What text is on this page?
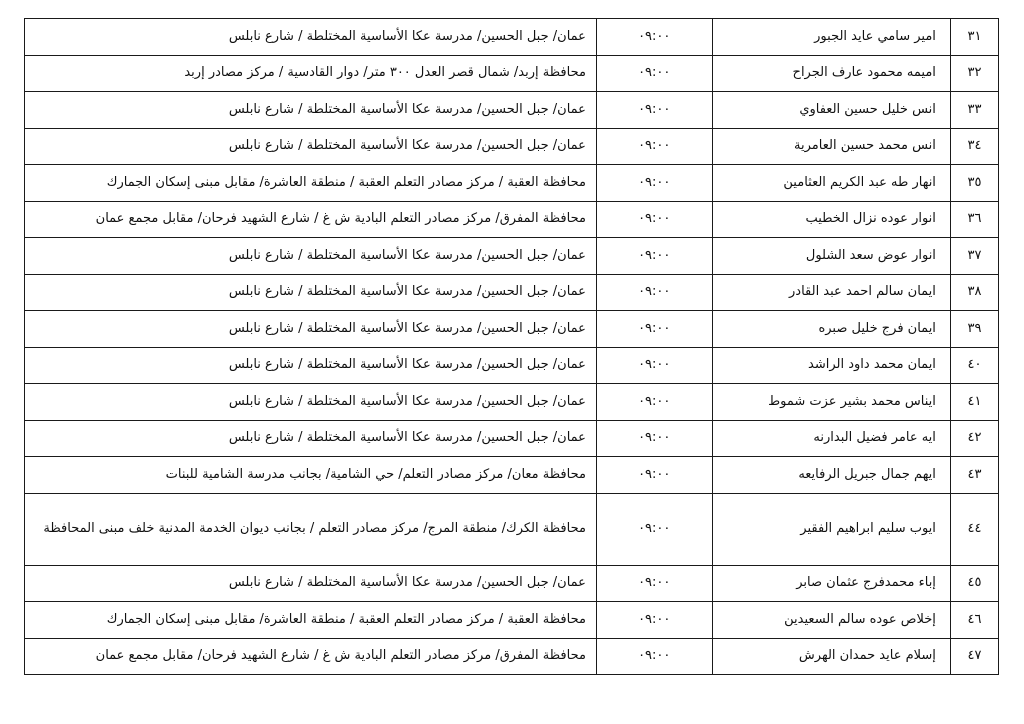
٣١	امير سامي عايد الجبور	٠٩:٠٠	عمان/ جبل الحسين/ مدرسة عكا الأساسية المختلطة / شارع نابلس
٣٢	اميمه محمود عارف الجراح	٠٩:٠٠	محافظة إربد/ شمال قصر العدل ٣٠٠ متر/ دوار القادسية / مركز مصادر إربد
٣٣	انس خليل حسين العفاوي	٠٩:٠٠	عمان/ جبل الحسين/ مدرسة عكا الأساسية المختلطة / شارع نابلس
٣٤	انس محمد حسين العامرية	٠٩:٠٠	عمان/ جبل الحسين/ مدرسة عكا الأساسية المختلطة / شارع نابلس
٣٥	انهار طه عبد الكريم العثامين	٠٩:٠٠	محافظة العقبة / مركز مصادر التعلم العقبة / منطقة العاشرة/ مقابل مبنى إسكان الجمارك
٣٦	انوار عوده نزال الخطيب	٠٩:٠٠	محافظة المفرق/ مركز مصادر التعلم البادية ش غ / شارع الشهيد فرحان/ مقابل مجمع عمان
٣٧	انوار عوض سعد الشلول	٠٩:٠٠	عمان/ جبل الحسين/ مدرسة عكا الأساسية المختلطة / شارع نابلس
٣٨	ايمان سالم احمد عبد القادر	٠٩:٠٠	عمان/ جبل الحسين/ مدرسة عكا الأساسية المختلطة / شارع نابلس
٣٩	ايمان فرج خليل صبره	٠٩:٠٠	عمان/ جبل الحسين/ مدرسة عكا الأساسية المختلطة / شارع نابلس
٤٠	ايمان محمد داود الراشد	٠٩:٠٠	عمان/ جبل الحسين/ مدرسة عكا الأساسية المختلطة / شارع نابلس
٤١	ايناس محمد بشير عزت شموط	٠٩:٠٠	عمان/ جبل الحسين/ مدرسة عكا الأساسية المختلطة / شارع نابلس
٤٢	ايه عامر فضيل البدارنه	٠٩:٠٠	عمان/ جبل الحسين/ مدرسة عكا الأساسية المختلطة / شارع نابلس
٤٣	ايهم جمال جبريل الرفايعه	٠٩:٠٠	محافظة معان/ مركز مصادر التعلم/ حي الشامية/ بجانب مدرسة الشامية للبنات
٤٤	ايوب سليم ابراهيم الفقير	٠٩:٠٠	محافظة الكرك/ منطقة المرج/ مركز مصادر التعلم / بجانب ديوان الخدمة المدنية خلف مبنى المحافظة
٤٥	إباء محمدفرج عثمان صابر	٠٩:٠٠	عمان/ جبل الحسين/ مدرسة عكا الأساسية المختلطة / شارع نابلس
٤٦	إخلاص عوده سالم السعيدين	٠٩:٠٠	محافظة العقبة / مركز مصادر التعلم العقبة / منطقة العاشرة/ مقابل مبنى إسكان الجمارك
٤٧	إسلام عايد حمدان الهرش	٠٩:٠٠	محافظة المفرق/ مركز مصادر التعلم البادية ش غ / شارع الشهيد فرحان/ مقابل مجمع عمان
